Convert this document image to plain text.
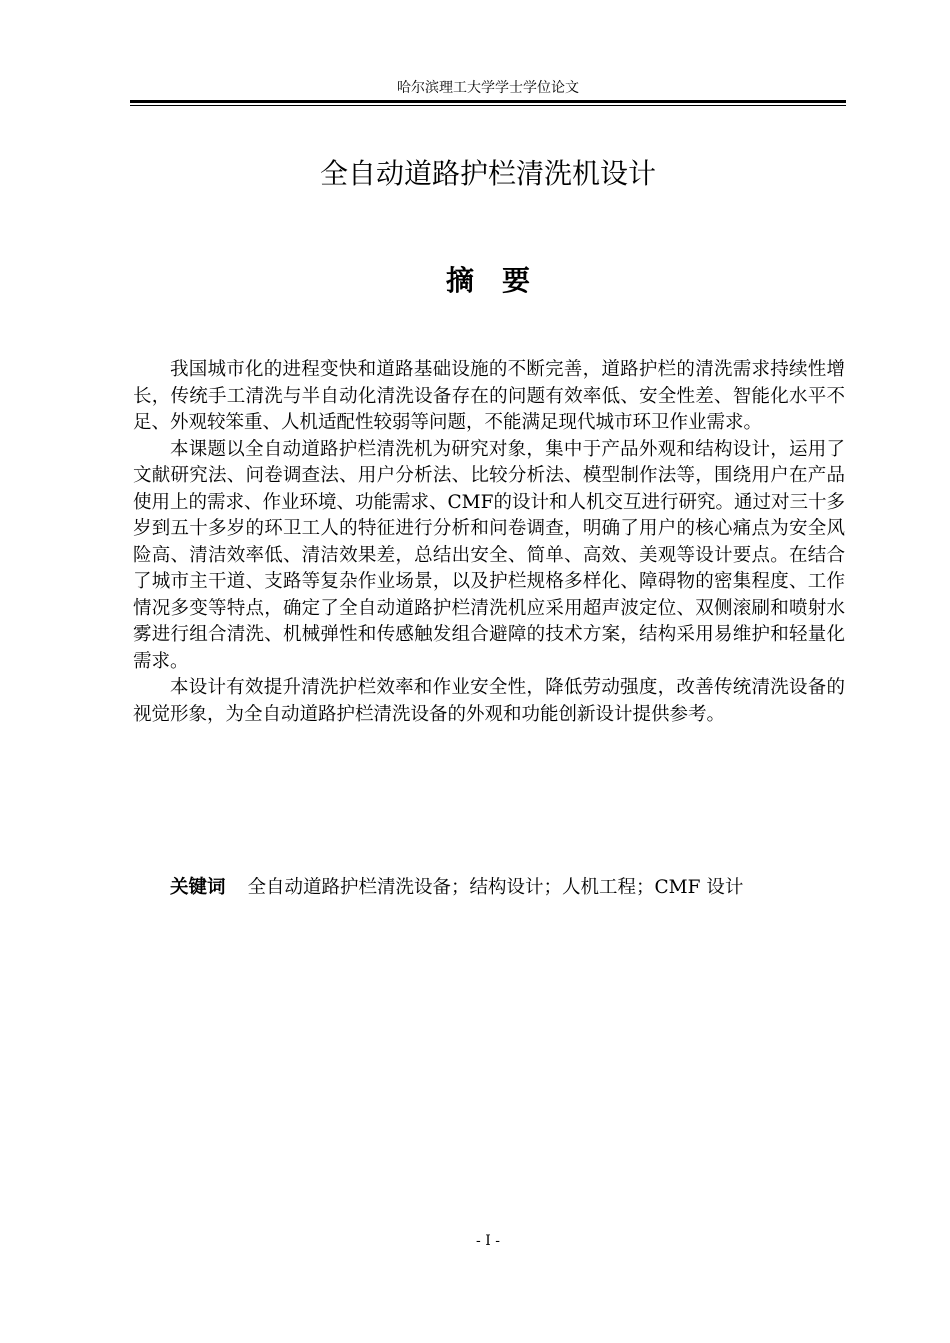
哈尔滨理工大学学士学位论文
全自动道路护栏清洗机设计
摘要

我国城市化的进程变快和道路基础设施的不断完善，道路护栏的清洗需求持续性增长，传统手工清洗与半自动化清洗设备存在的问题有效率低、安全性差、智能化水平不足、外观较笨重、人机适配性较弱等问题，不能满足现代城市环卫作业需求。

本课题以全自动道路护栏清洗机为研究对象，集中于产品外观和结构设计，运用了文献研究法、问卷调查法、用户分析法、比较分析法、模型制作法等，围绕用户在产品使用上的需求、作业环境、功能需求、CMF的设计和人机交互进行研究。通过对三十多岁到五十多岁的环卫工人的特征进行分析和问卷调查，明确了用户的核心痛点为安全风险高、清洁效率低、清洁效果差，总结出安全、简单、高效、美观等设计要点。在结合了城市主干道、支路等复杂作业场景，以及护栏规格多样化、障碍物的密集程度、工作情况多变等特点，确定了全自动道路护栏清洗机应采用超声波定位、双侧滚刷和喷射水雾进行组合清洗、机械弹性和传感触发组合避障的技术方案，结构采用易维护和轻量化需求。

本设计有效提升清洗护栏效率和作业安全性，降低劳动强度，改善传统清洗设备的视觉形象，为全自动道路护栏清洗设备的外观和功能创新设计提供参考。

关键词 全自动道路护栏清洗设备；结构设计；人机工程；CMF 设计

- I -
